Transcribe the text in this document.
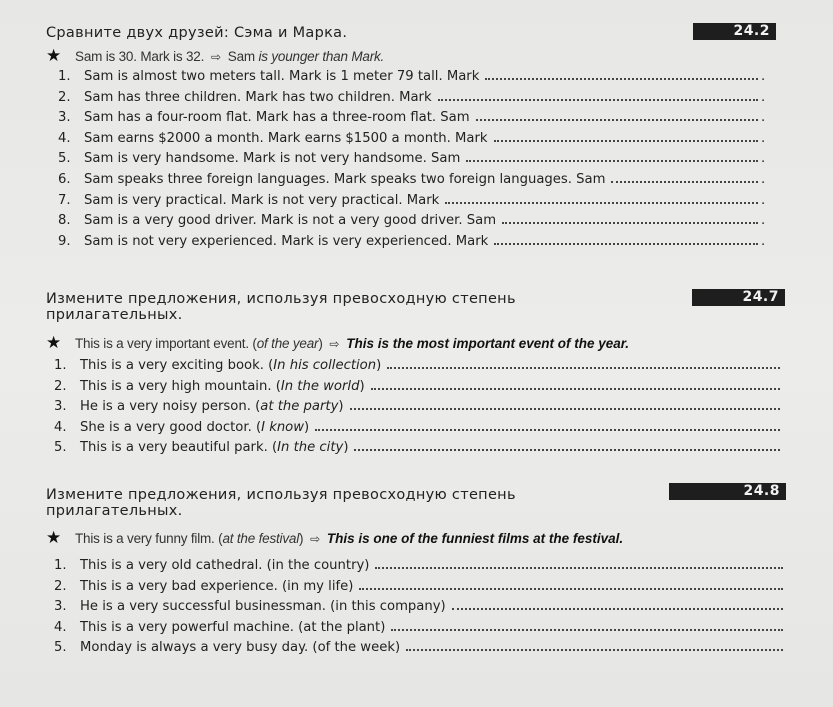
Сравните двух друзей: Сэма и Марка.	24.2
★ Sam is 30. Mark is 32. ⇨ Sam is younger than Mark.
1.	Sam is almost two meters tall. Mark is 1 meter 79 tall. Mark	.
2.	Sam has three children. Mark has two children. Mark	.
3.	Sam has a four-room flat. Mark has a three-room flat. Sam	.
4.	Sam earns $2000 a month. Mark earns $1500 a month. Mark	.
5.	Sam is very handsome. Mark is not very handsome. Sam	.
6.	Sam speaks three foreign languages. Mark speaks two foreign languages. Sam	.
7.	Sam is very practical. Mark is not very practical. Mark	.
8.	Sam is a very good driver. Mark is not a very good driver. Sam	.
9.	Sam is not very experienced. Mark is very experienced. Mark	.
Измените предложения, используя превосходную степень
прилагательных.
24.7
★ This is a very important event. (of the year) ⇨ This is the most important event of the year.
1.	This is a very exciting book. ( In his collection )
2.	This is a very high mountain. ( In the world )
3.	He is a very noisy person. ( at the party )
4.	She is a very good doctor. ( I know )
5.	This is a very beautiful park. ( In the city )
Измените предложения, используя превосходную степень
прилагательных.
24.8
★ This is a very funny film. (at the festival) ⇨ This is one of the funniest films at the festival.
1.	This is a very old cathedral. (in the country)
2.	This is a very bad experience. (in my life)
3.	He is a very successful businessman. (in this company)
4.	This is a very powerful machine. (at the plant)
5.	Monday is always a very busy day. (of the week)
